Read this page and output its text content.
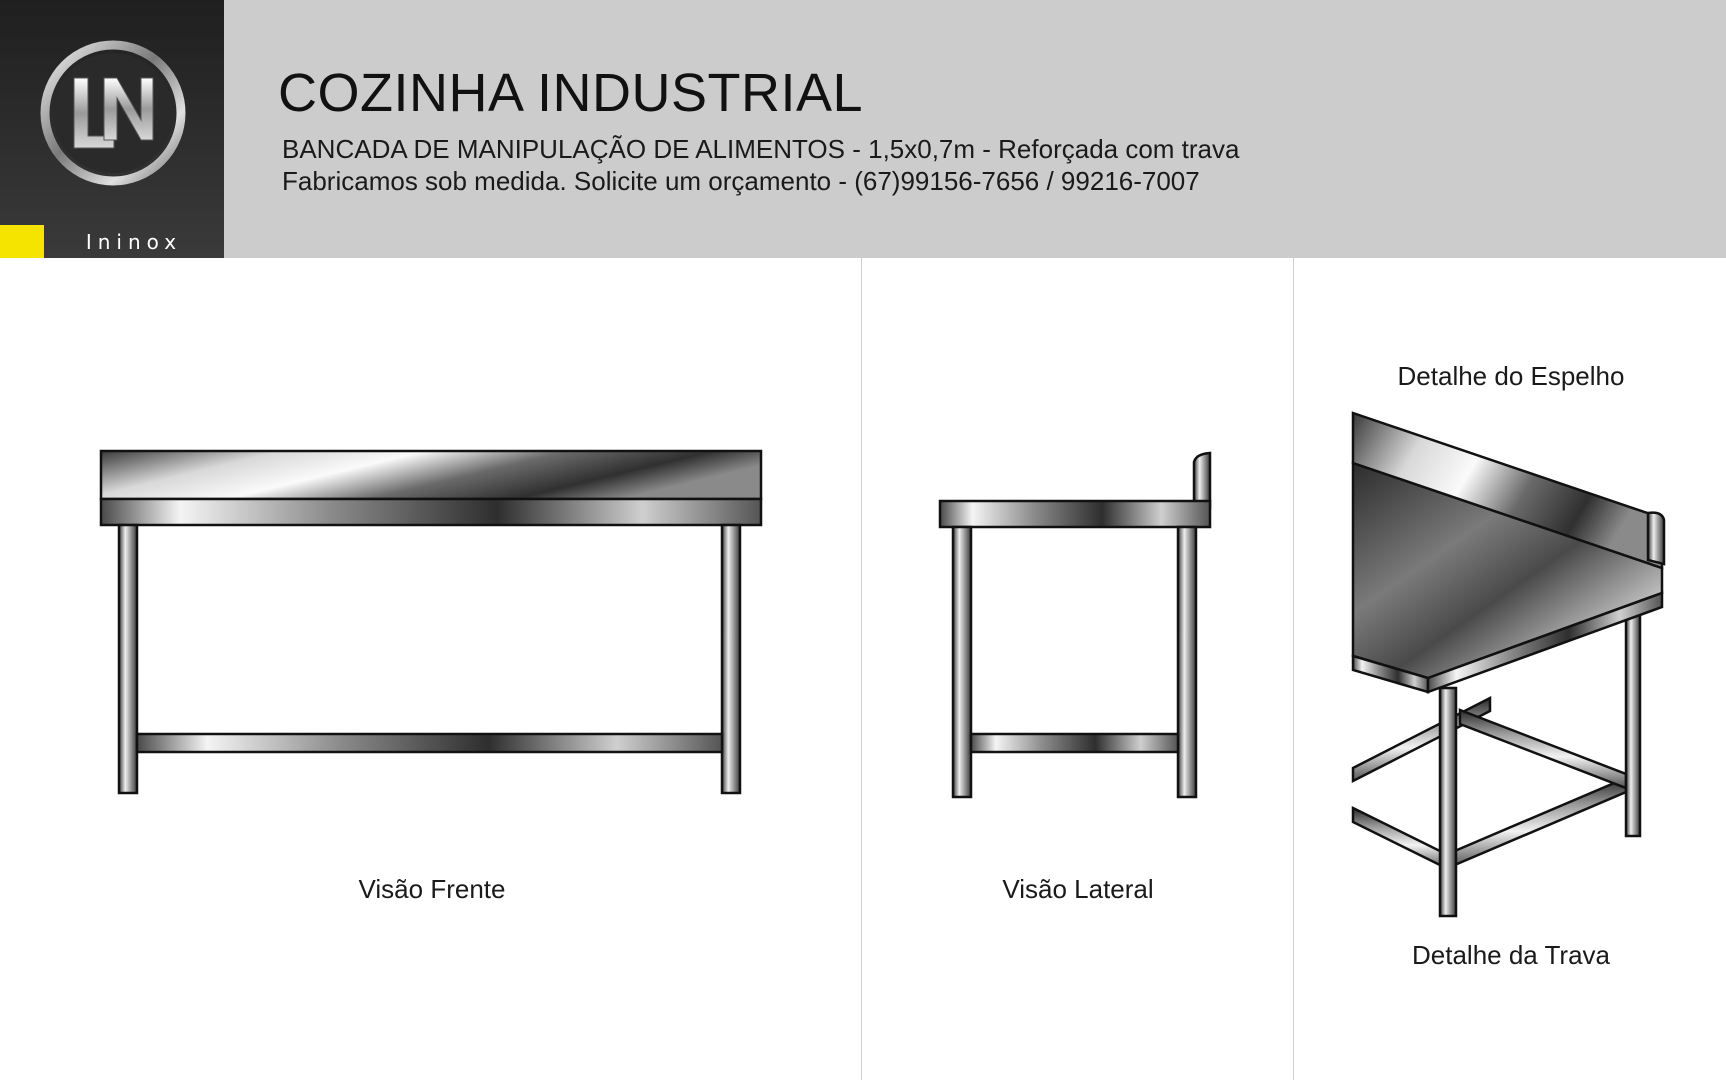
Ininox
COZINHA INDUSTRIAL
BANCADA DE MANIPULAÇÃO DE ALIMENTOS - 1,5x0,7m - Reforçada com trava
Fabricamos sob medida. Solicite um orçamento - (67)99156-7656 / 99216-7007
Visão Frente	Visão Lateral
Detalhe do Espelho
Detalhe da Trava
